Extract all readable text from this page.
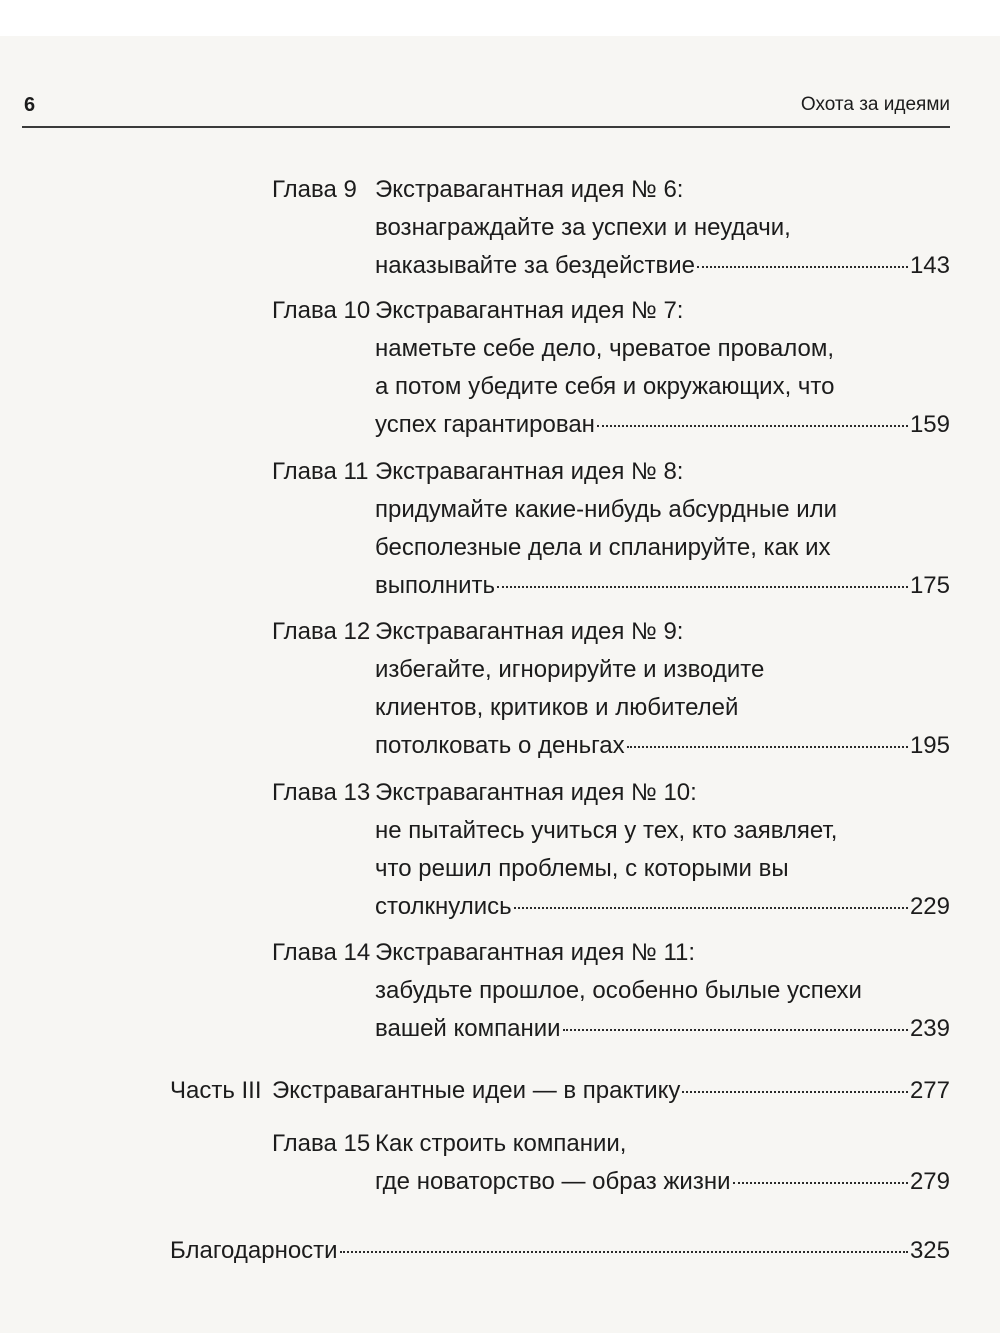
6	Охота за идеями
Глава 9 Экстравагантная идея № 6:
вознаграждайте за успехи и неудачи,
наказывайте за бездействие	143
Глава 10 Экстравагантная идея № 7:
наметьте себе дело, чреватое провалом,
а потом убедите себя и окружающих, что
успех гарантирован	159
Глава 11 Экстравагантная идея № 8:
придумайте какие-нибудь абсурдные или
бесполезные дела и спланируйте, как их
выполнить	175
Глава 12 Экстравагантная идея № 9:
избегайте, игнорируйте и изводите
клиентов, критиков и любителей
потолковать о деньгах	195
Глава 13 Экстравагантная идея № 10:
не пытайтесь учиться у тех, кто заявляет,
что решил проблемы, с которыми вы
столкнулись	229
Глава 14 Экстравагантная идея № 11:
забудьте прошлое, особенно былые успехи
вашей компании	239
Часть III Экстравагантные идеи — в практику	277
Глава 15 Как строить компании,
где новаторство — образ жизни	279
Благодарности	325
